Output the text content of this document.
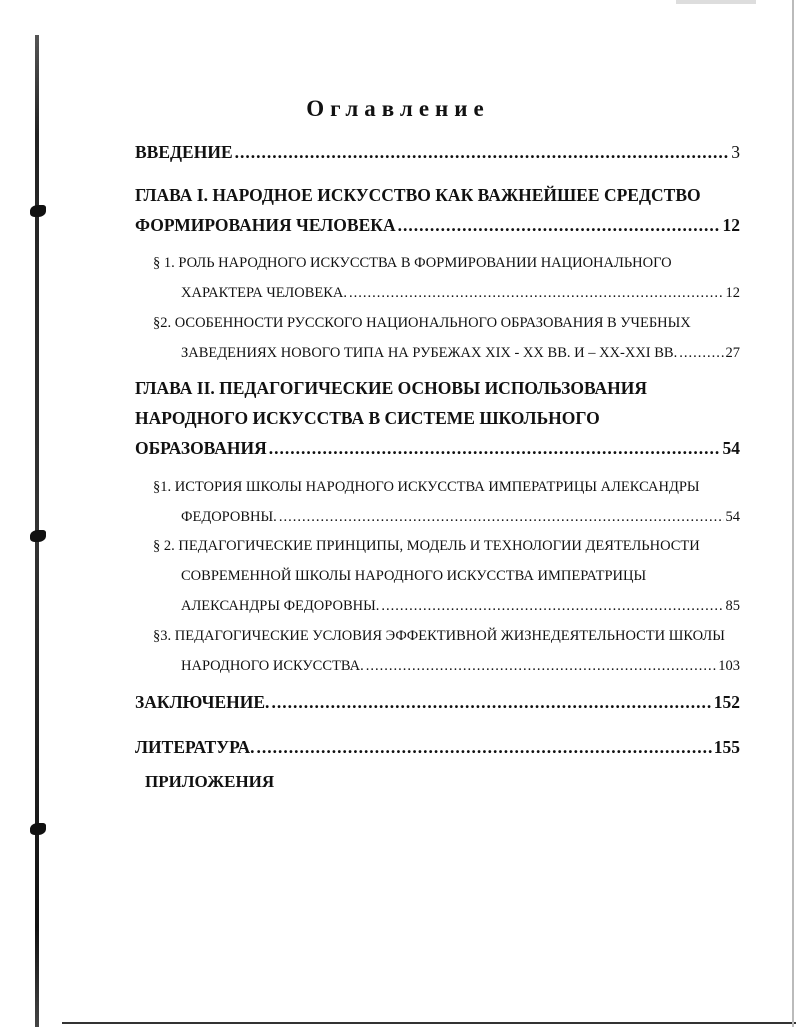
Оглавление
ВВЕДЕНИЕ .....	3
ГЛАВА I. НАРОДНОЕ ИСКУССТВО КАК ВАЖНЕЙШЕЕ СРЕДСТВО
ФОРМИРОВАНИЯ ЧЕЛОВЕКА .....	12
§ 1. РОЛЬ НАРОДНОГО ИСКУССТВА В ФОРМИРОВАНИИ НАЦИОНАЛЬНОГО
ХАРАКТЕРА ЧЕЛОВЕКА. .....	12
§2. ОСОБЕННОСТИ РУССКОГО НАЦИОНАЛЬНОГО ОБРАЗОВАНИЯ В УЧЕБНЫХ
ЗАВЕДЕНИЯХ НОВОГО ТИПА НА РУБЕЖАХ XIX - XX ВВ. И – XX-XXI ВВ. .....	27
ГЛАВА II. ПЕДАГОГИЧЕСКИЕ ОСНОВЫ ИСПОЛЬЗОВАНИЯ
НАРОДНОГО ИСКУССТВА В СИСТЕМЕ ШКОЛЬНОГО
ОБРАЗОВАНИЯ .....	54
§1. ИСТОРИЯ ШКОЛЫ НАРОДНОГО ИСКУССТВА ИМПЕРАТРИЦЫ АЛЕКСАНДРЫ
ФЕДОРОВНЫ. .....	54
§ 2. ПЕДАГОГИЧЕСКИЕ ПРИНЦИПЫ, МОДЕЛЬ И ТЕХНОЛОГИИ ДЕЯТЕЛЬНОСТИ
СОВРЕМЕННОЙ ШКОЛЫ НАРОДНОГО ИСКУССТВА ИМПЕРАТРИЦЫ
АЛЕКСАНДРЫ ФЕДОРОВНЫ. .....	85
§3. ПЕДАГОГИЧЕСКИЕ УСЛОВИЯ ЭФФЕКТИВНОЙ ЖИЗНЕДЕЯТЕЛЬНОСТИ ШКОЛЫ
НАРОДНОГО ИСКУССТВА. .....	103
ЗАКЛЮЧЕНИЕ. .....	152
ЛИТЕРАТУРА. .....	155
ПРИЛОЖЕНИЯ
